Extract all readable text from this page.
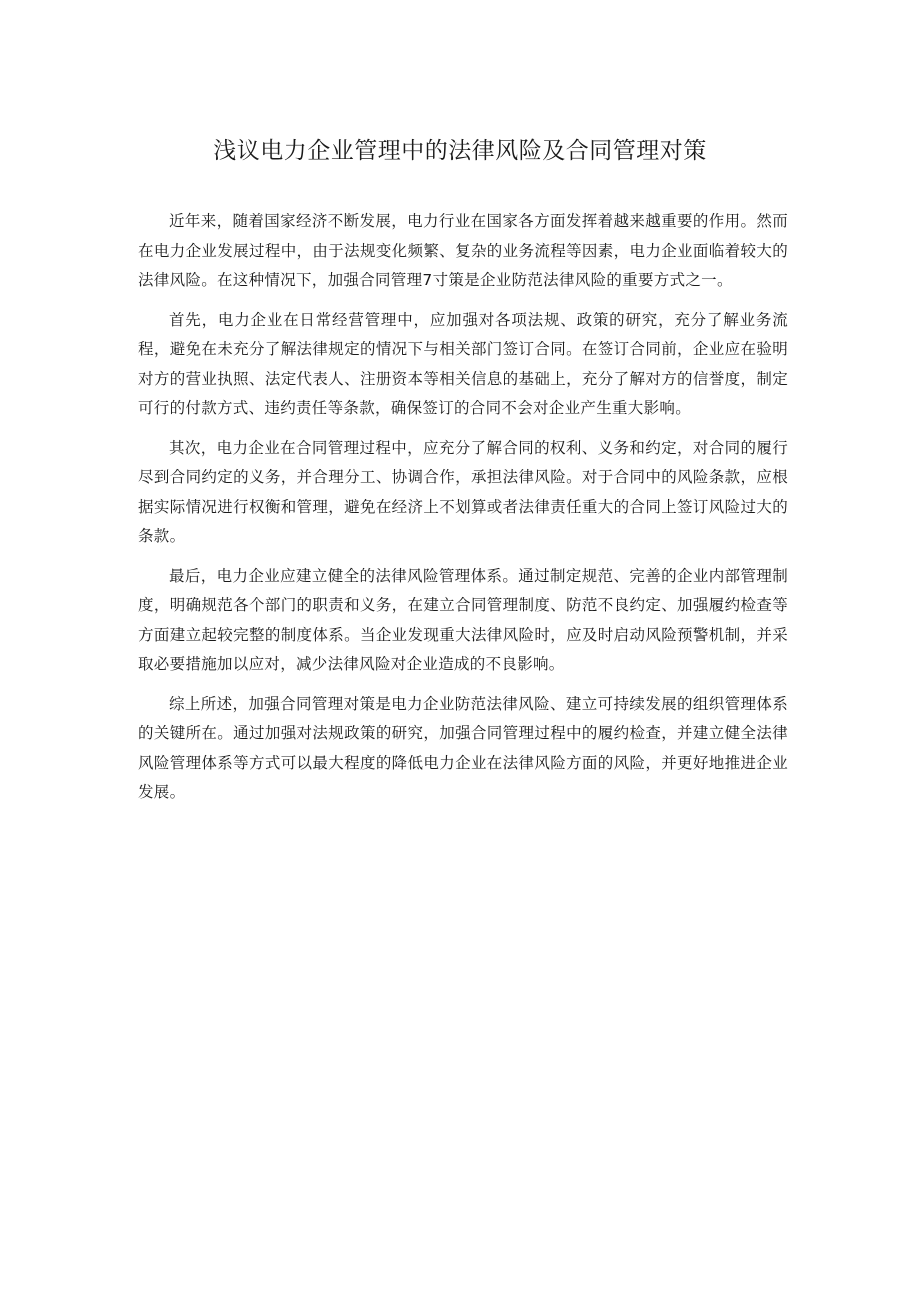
浅议电力企业管理中的法律风险及合同管理对策

近年来，随着国家经济不断发展，电力行业在国家各方面发挥着越来越重要的作用。然而在电力企业发展过程中，由于法规变化频繁、复杂的业务流程等因素，电力企业面临着较大的法律风险。在这种情况下，加强合同管理7寸策是企业防范法律风险的重要方式之一。

首先，电力企业在日常经营管理中，应加强对各项法规、政策的研究，充分了解业务流程，避免在未充分了解法律规定的情况下与相关部门签订合同。在签订合同前，企业应在验明对方的营业执照、法定代表人、注册资本等相关信息的基础上，充分了解对方的信誉度，制定可行的付款方式、违约责任等条款，确保签订的合同不会对企业产生重大影响。

其次，电力企业在合同管理过程中，应充分了解合同的权利、义务和约定，对合同的履行尽到合同约定的义务，并合理分工、协调合作，承担法律风险。对于合同中的风险条款，应根据实际情况进行权衡和管理，避免在经济上不划算或者法律责任重大的合同上签订风险过大的条款。

最后，电力企业应建立健全的法律风险管理体系。通过制定规范、完善的企业内部管理制度，明确规范各个部门的职责和义务，在建立合同管理制度、防范不良约定、加强履约检查等方面建立起较完整的制度体系。当企业发现重大法律风险时，应及时启动风险预警机制，并采取必要措施加以应对，减少法律风险对企业造成的不良影响。

综上所述，加强合同管理对策是电力企业防范法律风险、建立可持续发展的组织管理体系的关键所在。通过加强对法规政策的研究，加强合同管理过程中的履约检查，并建立健全法律风险管理体系等方式可以最大程度的降低电力企业在法律风险方面的风险，并更好地推进企业发展。
